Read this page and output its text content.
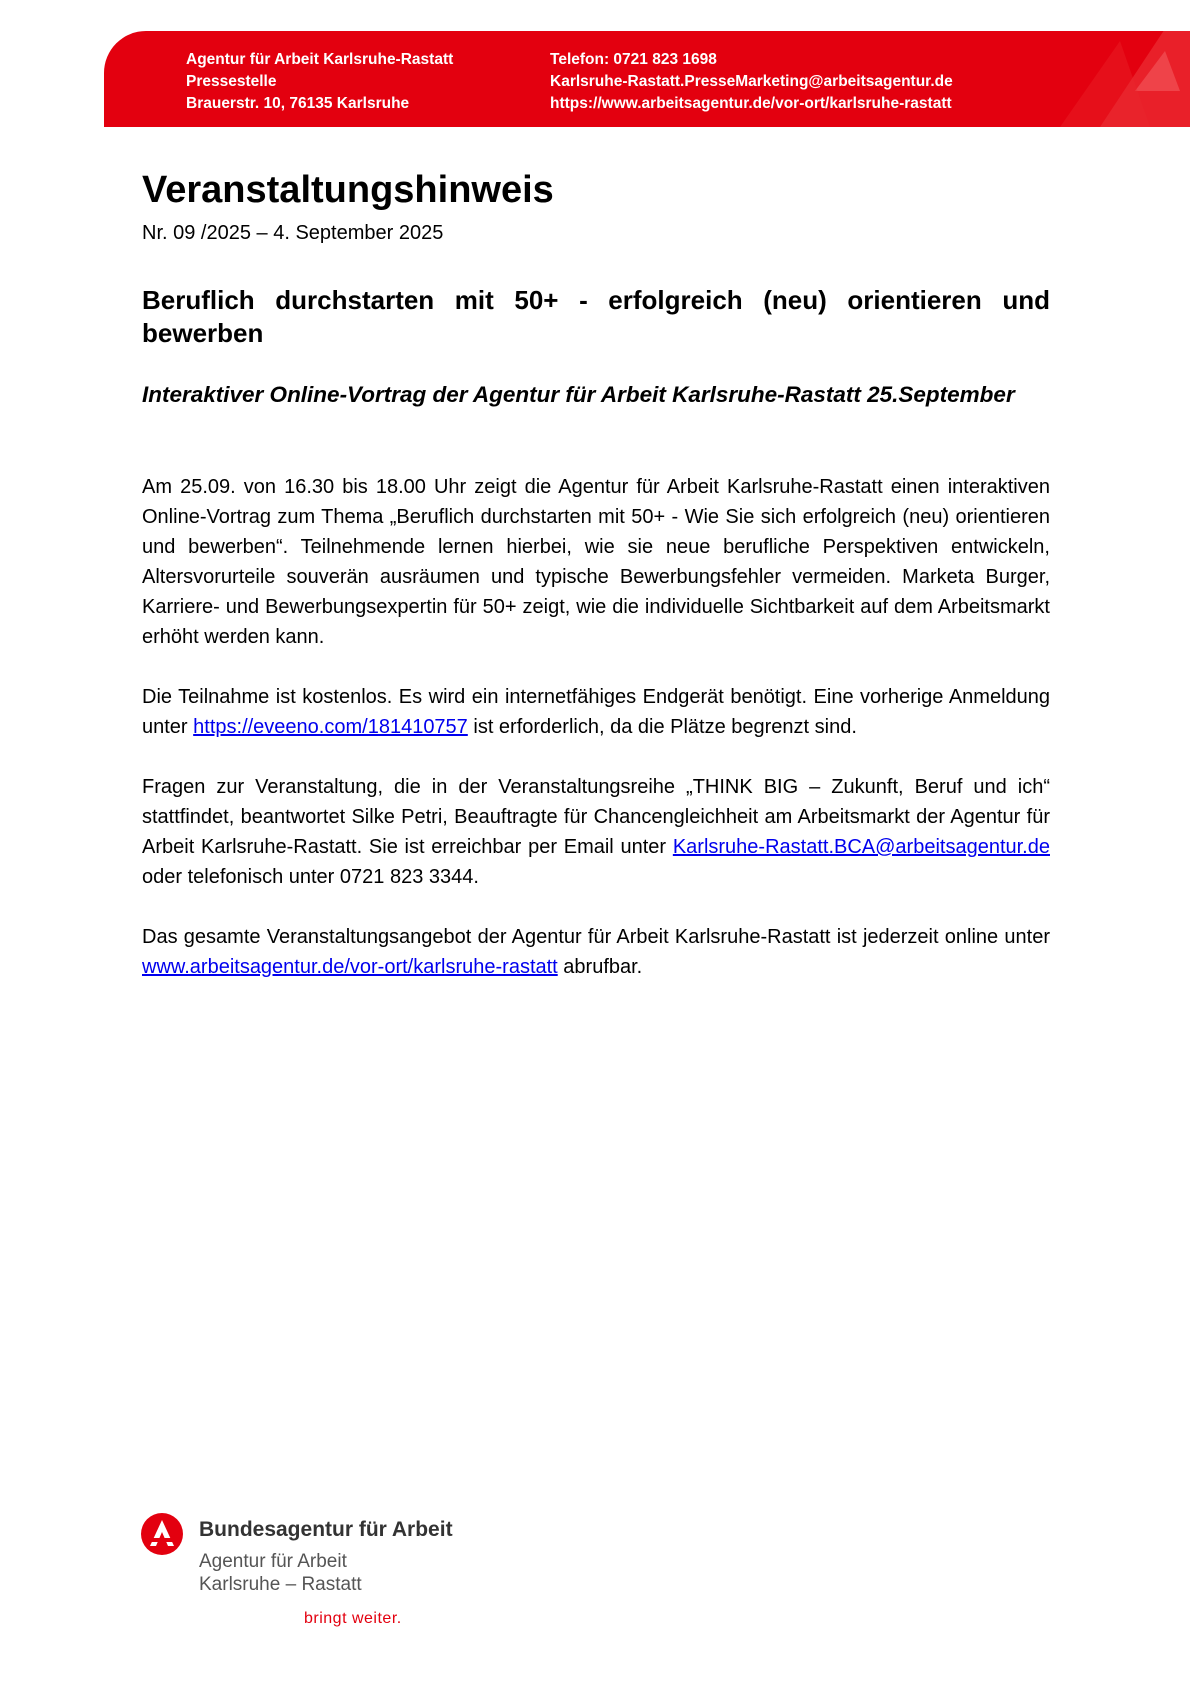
Agentur für Arbeit Karlsruhe-Rastatt
Pressestelle
Brauerstr. 10, 76135 Karlsruhe
Telefon: 0721 823 1698
Karlsruhe-Rastatt.PresseMarketing@arbeitsagentur.de
https://www.arbeitsagentur.de/vor-ort/karlsruhe-rastatt
Veranstaltungshinweis
Nr. 09 /2025 – 4. September 2025
Beruflich durchstarten mit 50+ - erfolgreich (neu) orientieren und bewerben
Interaktiver Online-Vortrag der Agentur für Arbeit Karlsruhe-Rastatt 25.September
Am 25.09. von 16.30 bis 18.00 Uhr zeigt die Agentur für Arbeit Karlsruhe-Rastatt einen interaktiven Online-Vortrag zum Thema „Beruflich durchstarten mit 50+ - Wie Sie sich erfolgreich (neu) orientieren und bewerben“. Teilnehmende lernen hierbei, wie sie neue berufliche Perspektiven entwickeln, Altersvorurteile souverän ausräumen und typische Bewerbungsfehler vermeiden. Marketa Burger, Karriere- und Bewerbungsexpertin für 50+ zeigt, wie die individuelle Sichtbarkeit auf dem Arbeitsmarkt erhöht werden kann.
Die Teilnahme ist kostenlos. Es wird ein internetfähiges Endgerät benötigt. Eine vorherige Anmeldung unter https://eveeno.com/181410757 ist erforderlich, da die Plätze begrenzt sind.
Fragen zur Veranstaltung, die in der Veranstaltungsreihe „THINK BIG – Zukunft, Beruf und ich“ stattfindet, beantwortet Silke Petri, Beauftragte für Chancengleichheit am Arbeitsmarkt der Agentur für Arbeit Karlsruhe-Rastatt. Sie ist erreichbar per Email unter Karlsruhe-Rastatt.BCA@arbeitsagentur.de oder telefonisch unter 0721 823 3344.
Das gesamte Veranstaltungsangebot der Agentur für Arbeit Karlsruhe-Rastatt ist jederzeit online unter www.arbeitsagentur.de/vor-ort/karlsruhe-rastatt abrufbar.
Bundesagentur für Arbeit
Agentur für Arbeit
Karlsruhe – Rastatt
bringt weiter.
